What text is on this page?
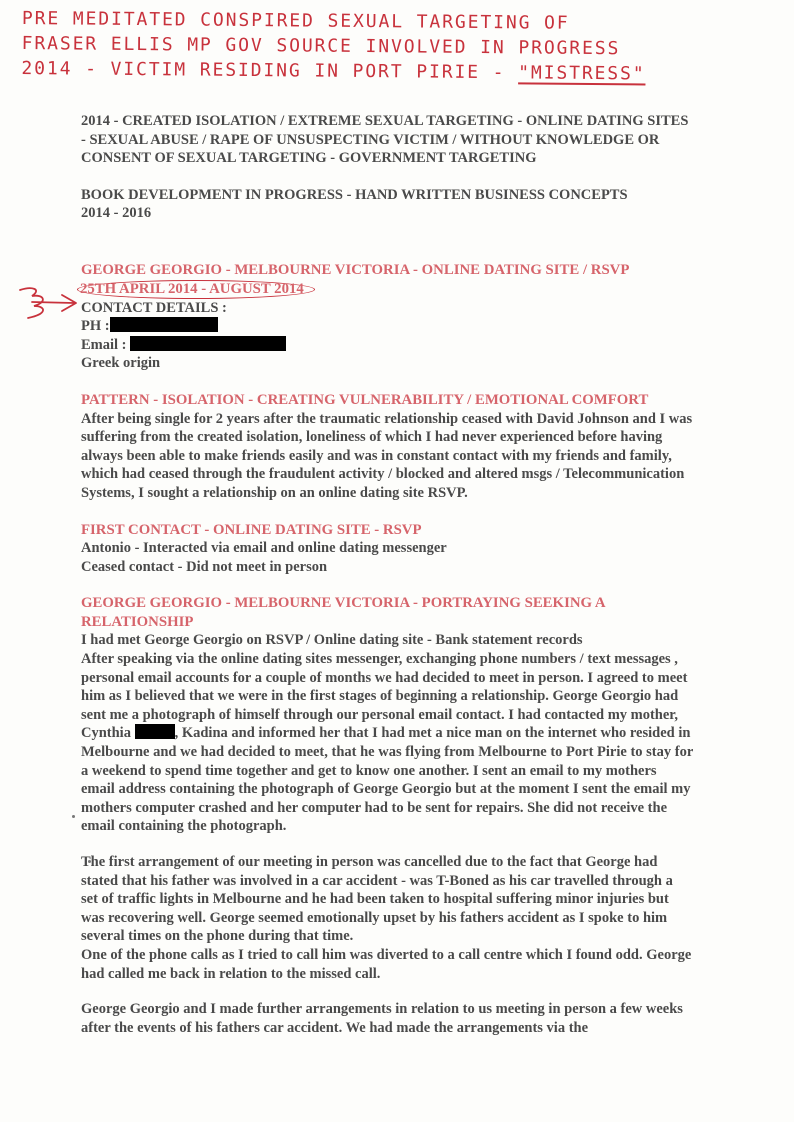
PRE MEDITATED CONSPIRED SEXUAL TARGETING OF
FRASER ELLIS MP GOV SOURCE INVOLVED IN PROGRESS
2014 - VICTIM RESIDING IN PORT PIRIE - "MISTRESS"

2014 - CREATED ISOLATION / EXTREME SEXUAL TARGETING - ONLINE DATING SITES - SEXUAL ABUSE / RAPE OF UNSUSPECTING VICTIM / WITHOUT KNOWLEDGE OR CONSENT OF SEXUAL TARGETING - GOVERNMENT TARGETING

BOOK DEVELOPMENT IN PROGRESS - HAND WRITTEN BUSINESS CONCEPTS

2014 - 2016

GEORGE GEORGIO - MELBOURNE VICTORIA - ONLINE DATING SITE / RSVP

25TH APRIL 2014 - AUGUST 2014

CONTACT DETAILS :

PH :

Email :

Greek origin

PATTERN - ISOLATION - CREATING VULNERABILITY / EMOTIONAL COMFORT

After being single for 2 years after the traumatic relationship ceased with David Johnson and I was suffering from the created isolation, loneliness of which I had never experienced before having always been able to make friends easily and was in constant contact with my friends and family, which had ceased through the fraudulent activity / blocked and altered msgs / Telecommunication Systems, I sought a relationship on an online dating site RSVP.

FIRST CONTACT - ONLINE DATING SITE - RSVP

Antonio - Interacted via email and online dating messenger

Ceased contact - Did not meet in person

GEORGE GEORGIO - MELBOURNE VICTORIA - PORTRAYING SEEKING A RELATIONSHIP

I had met George Georgio on RSVP / Online dating site - Bank statement records

After speaking via the online dating sites messenger, exchanging phone numbers / text messages , personal email accounts for a couple of months we had decided to meet in person. I agreed to meet him as I believed that we were in the first stages of beginning a relationship. George Georgio had sent me a photograph of himself through our personal email contact. I had contacted my mother, Cynthia	, Kadina and informed her that I had met a nice man on the internet who resided in Melbourne and we had decided to meet, that he was flying from Melbourne to Port Pirie to stay for a weekend to spend time together and get to know one another. I sent an email to my mothers email address containing the photograph of George Georgio but at the moment I sent the email my mothers computer crashed and her computer had to be sent for repairs. She did not receive the email containing the photograph.

The first arrangement of our meeting in person was cancelled due to the fact that George had stated that his father was involved in a car accident - was T-Boned as his car travelled through a set of traffic lights in Melbourne and he had been taken to hospital suffering minor injuries but was recovering well. George seemed emotionally upset by his fathers accident as I spoke to him several times on the phone during that time.

One of the phone calls as I tried to call him was diverted to a call centre which I found odd. George had called me back in relation to the missed call.

George Georgio and I made further arrangements in relation to us meeting in person a few weeks after the events of his fathers car accident. We had made the arrangements via the
